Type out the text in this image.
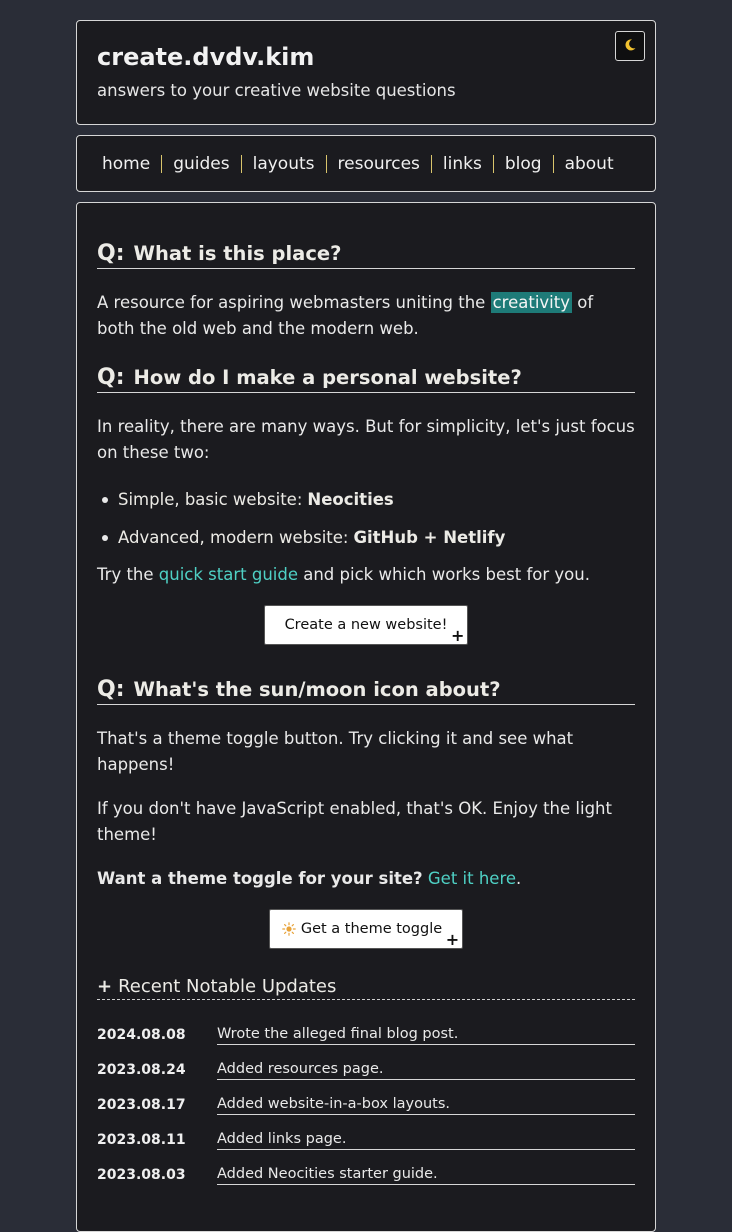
create.dvdv.kim
answers to your creative website questions
home	guides	layouts	resources	links	blog	about
Q: What is this place?

A resource for aspiring webmasters uniting the creativity of both the old web and the modern web.

Q: How do I make a personal website?

In reality, there are many ways. But for simplicity, let's just focus on these two:

Simple, basic website: Neocities
Advanced, modern website: GitHub + Netlify

Try the quick start guide and pick which works best for you.

Create a new website!
+
Q: What's the sun/moon icon about?

That's a theme toggle button. Try clicking it and see what happens!

If you don't have JavaScript enabled, that's OK. Enjoy the light theme!

Want a theme toggle for your site? Get it here.

Get a theme toggle
+
+ Recent Notable Updates
2024.08.08	Wrote the alleged final blog post.
2023.08.24	Added resources page.
2023.08.17	Added website-in-a-box layouts.
2023.08.11	Added links page.
2023.08.03	Added Neocities starter guide.
